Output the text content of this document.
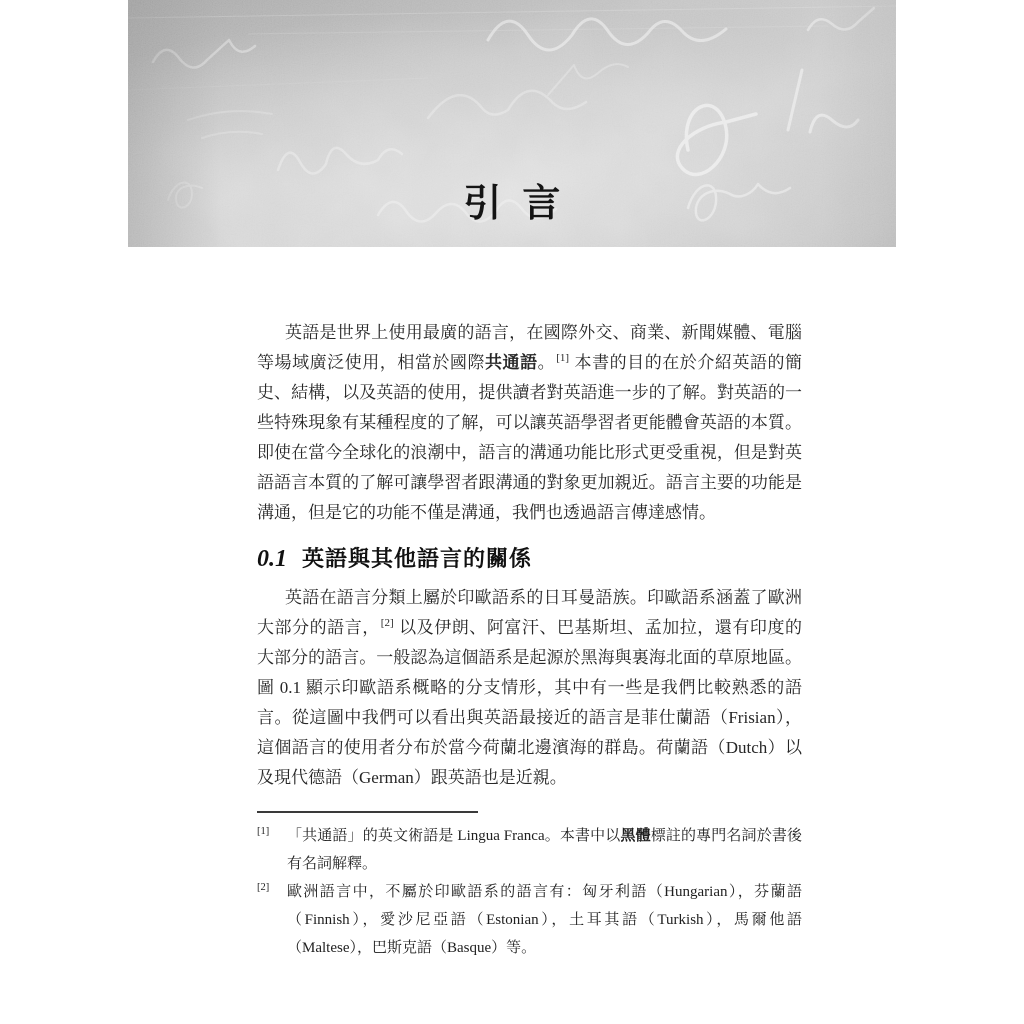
引言

英語是世界上使用最廣的語言，在國際外交、商業、新聞媒體、電腦等場域廣泛使用，相當於國際共通語。[1] 本書的目的在於介紹英語的簡史、結構，以及英語的使用，提供讀者對英語進一步的了解。對英語的一些特殊現象有某種程度的了解，可以讓英語學習者更能體會英語的本質。即使在當今全球化的浪潮中，語言的溝通功能比形式更受重視，但是對英語語言本質的了解可讓學習者跟溝通的對象更加親近。語言主要的功能是溝通，但是它的功能不僅是溝通，我們也透過語言傳達感情。

0.1 英語與其他語言的關係

英語在語言分類上屬於印歐語系的日耳曼語族。印歐語系涵蓋了歐洲大部分的語言，[2] 以及伊朗、阿富汗、巴基斯坦、孟加拉，還有印度的大部分的語言。一般認為這個語系是起源於黑海與裏海北面的草原地區。圖 0.1 顯示印歐語系概略的分支情形，其中有一些是我們比較熟悉的語言。從這圖中我們可以看出與英語最接近的語言是菲仕蘭語（Frisian），這個語言的使用者分布於當今荷蘭北邊濱海的群島。荷蘭語（Dutch）以及現代德語（German）跟英語也是近親。

[1] 「共通語」的英文術語是 Lingua Franca。本書中以黑體標註的專門名詞於書後有名詞解釋。
[2] 歐洲語言中，不屬於印歐語系的語言有：匈牙利語（Hungarian），芬蘭語（Finnish），愛沙尼亞語（Estonian），土耳其語（Turkish），馬爾他語（Maltese），巴斯克語（Basque）等。
